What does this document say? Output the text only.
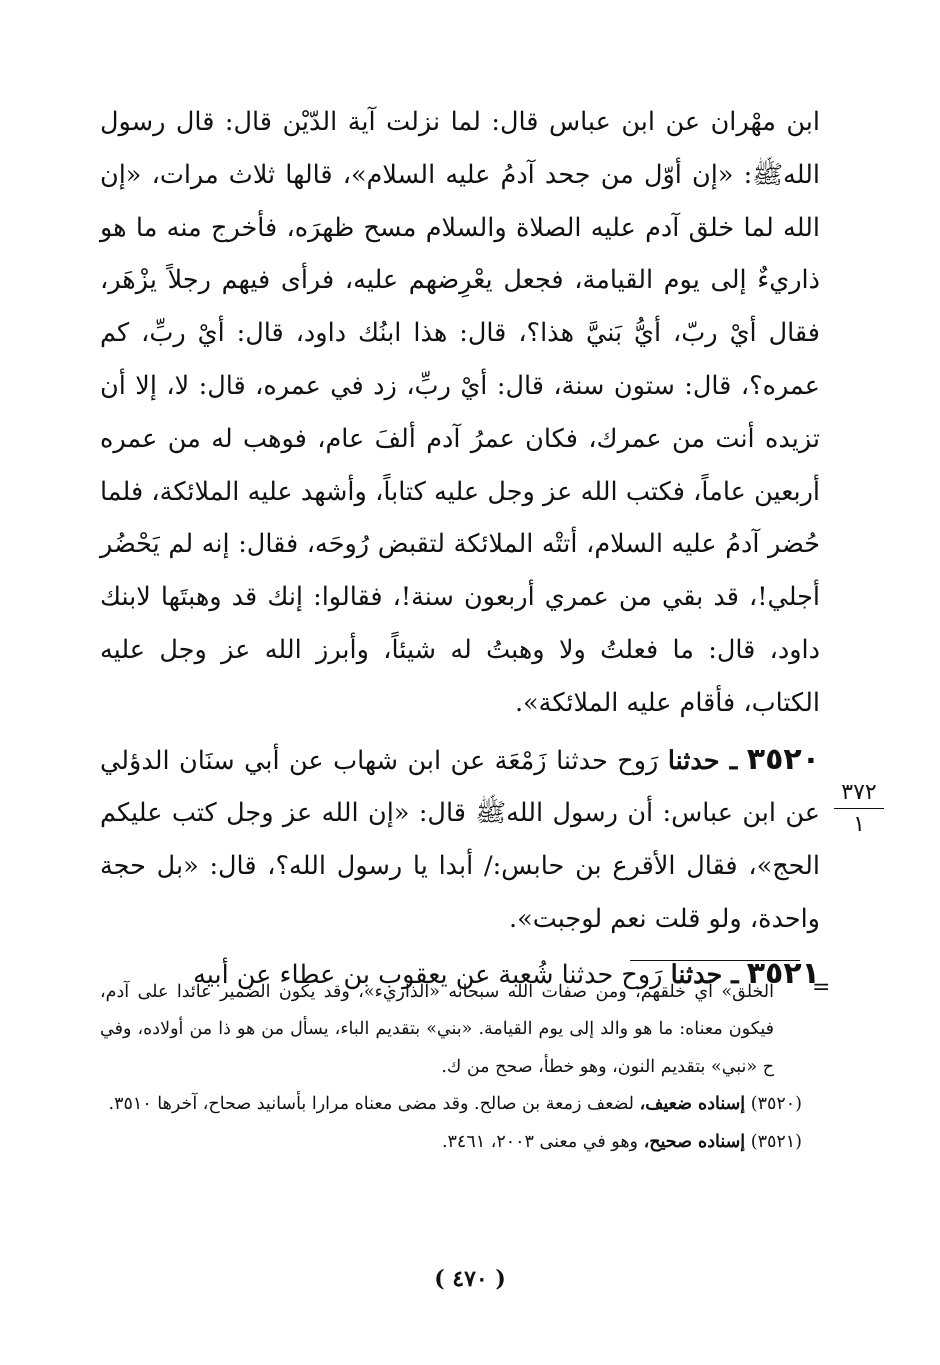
ابن مهْران عن ابن عباس قال: لما نزلت آية الدّيْن قال: قال رسول اللهﷺ: «إن أوّل من جحد آدمُ عليه السلام»، قالها ثلاث مرات، «إن الله لما خلق آدم عليه الصلاة والسلام مسح ظهرَه، فأخرج منه ما هو ذاريءٌ إلى يوم القيامة، فجعل يعْرِضهم عليه، فرأى فيهم رجلاً يزْهَر، فقال أيْ ربّ، أيُّ بَنيَّ هذا؟، قال: هذا ابنُك داود، قال: أيْ ربِّ، كم عمره؟، قال: ستون سنة، قال: أيْ ربِّ، زد في عمره، قال: لا، إلا أن تزيده أنت من عمرك، فكان عمرُ آدم ألفَ عام، فوهب له من عمره أربعين عاماً، فكتب الله عز وجل عليه كتاباً، وأشهد عليه الملائكة، فلما حُضر آدمُ عليه السلام، أتتْه الملائكة لتقبض رُوحَه، فقال: إنه لم يَحْضُر أجلي!، قد بقي من عمري أربعون سنة!، فقالوا: إنك قد وهبتَها لابنك داود، قال: ما فعلتُ ولا وهبتُ له شيئاً، وأبرز الله عز وجل عليه الكتاب، فأقام عليه الملائكة».

٣٥٢٠ ـ حدثنا رَوح حدثنا زَمْعَة عن ابن شهاب عن أبي سنَان الدؤلي عن ابن عباس: أن رسول اللهﷺ قال: «إن الله عز وجل كتب عليكم الحج»، فقال الأقرع بن حابس:/ أبدا يا رسول الله؟، قال: «بل حجة واحدة، ولو قلت نعم لوجبت».

٣٥٢١ ـ حدثنا رَوح حدثنا شُعبة عن يعقوب بن عطاء عن أبيه

٣٧٢
١
=

الخلق» أي خلقهم، ومن صفات الله سبحانه «الذاريء»، وقد يكون الضمير عائدا على آدم، فيكون معناه: ما هو والد إلى يوم القيامة. «بني» بتقديم الباء، يسأل من هو ذا من أولاده، وفي ح «نبي» بتقديم النون، وهو خطأ، صحح من ك.

(٣٥٢٠) إسناده ضعيف، لضعف زمعة بن صالح. وقد مضى معناه مرارا بأسانيد صحاح، آخرها ٣٥١٠.

(٣٥٢١) إسناده صحيح، وهو في معنى ٢٠٠٣، ٣٤٦١.

( ٤٧٠ )
